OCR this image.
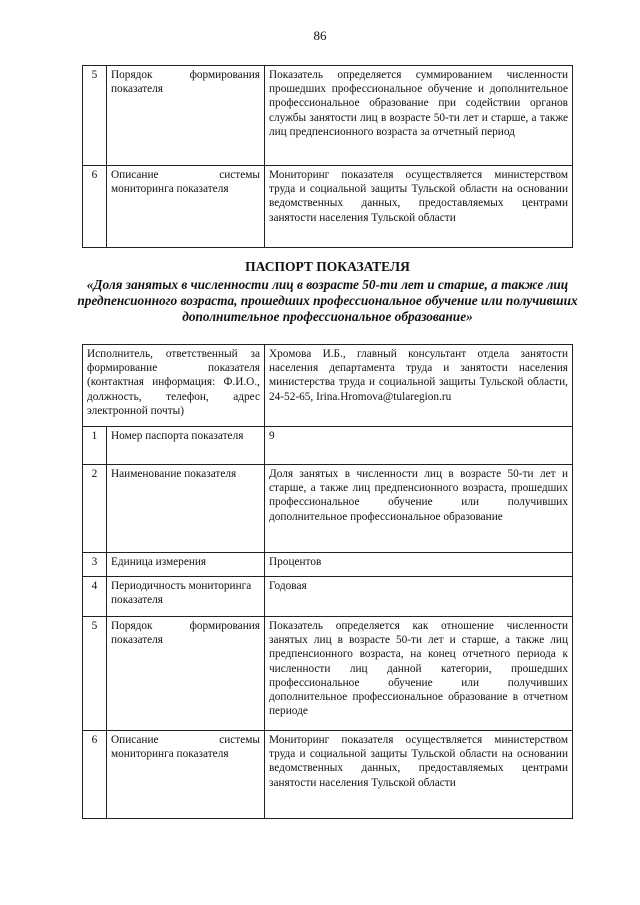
86
5	Порядок формирования показателя	Показатель определяется суммированием численности прошедших профессиональное обучение и дополнительное профессиональное образование при содействии органов службы занятости лиц в возрасте 50-ти лет и старше, а также лиц предпенсионного возраста за отчетный период
6	Описание системы мониторинга показателя	Мониторинг показателя осуществляется министерством труда и социальной защиты Тульской области на основании ведомственных данных, предоставляемых центрами занятости населения Тульской области
ПАСПОРТ ПОКАЗАТЕЛЯ
«Доля занятых в численности лиц в возрасте 50-ти лет и старше, а также лиц предпенсионного возраста, прошедших профессиональное обучение или получивших дополнительное профессиональное образование»
Исполнитель, ответственный за формирование показателя (контактная информация: Ф.И.О., должность, телефон, адрес электронной почты)		Хромова И.Б., главный консультант отдела занятости населения департамента труда и занятости населения министерства труда и социальной защиты Тульской области, 24-52-65, Irina.Hromova@tularegion.ru
1	Номер паспорта показателя	9
2	Наименование показателя	Доля занятых в численности лиц в возрасте 50-ти лет и старше, а также лиц предпенсионного возраста, прошедших профессиональное обучение или получивших дополнительное профессиональное образование
3	Единица измерения	Процентов
4	Периодичность мониторинга показателя	Годовая
5	Порядок формирования показателя	Показатель определяется как отношение численности занятых лиц в возрасте 50-ти лет и старше, а также лиц предпенсионного возраста, на конец отчетного периода к численности лиц данной категории, прошедших профессиональное обучение или получивших дополнительное профессиональное образование в отчетном периоде
6	Описание системы мониторинга показателя	Мониторинг показателя осуществляется министерством труда и социальной защиты Тульской области на основании ведомственных данных, предоставляемых центрами занятости населения Тульской области
